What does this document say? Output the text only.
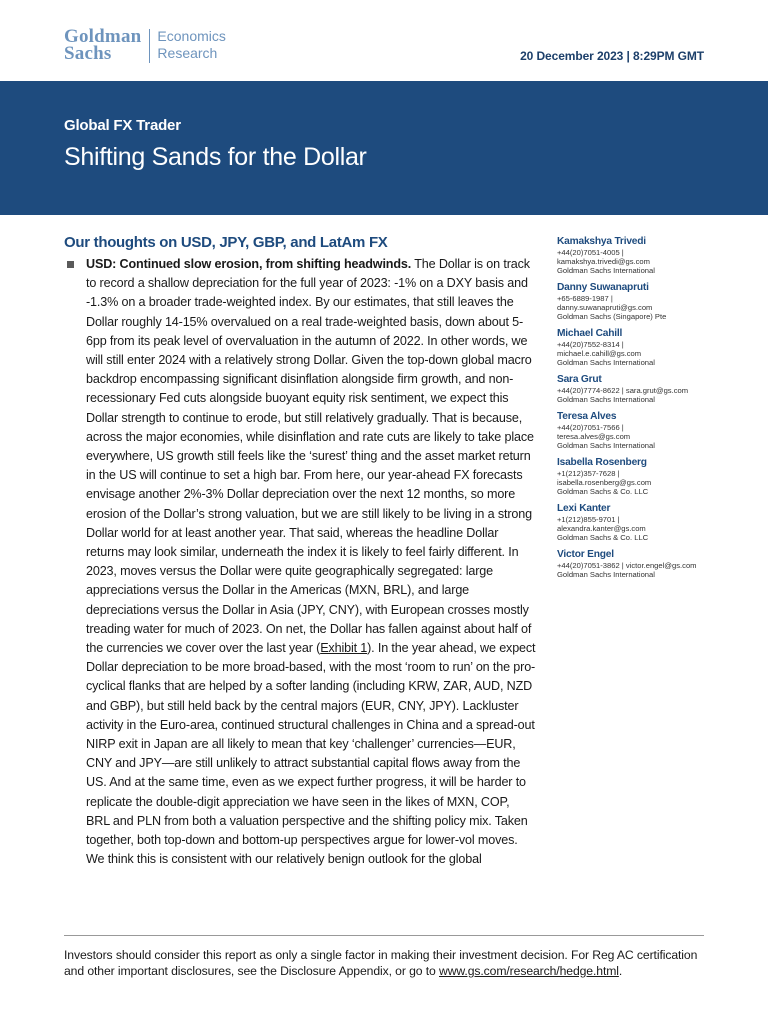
Goldman
Sachs
Economics
Research	20 December 2023 | 8:29PM GMT
Global FX Trader
Shifting Sands for the Dollar
Our thoughts on USD, JPY, GBP, and LatAm FX
USD: Continued slow erosion, from shifting headwinds. The Dollar is on track to record a shallow depreciation for the full year of 2023: -1% on a DXY basis and -1.3% on a broader trade-weighted index. By our estimates, that still leaves the Dollar roughly 14-15% overvalued on a real trade-weighted basis, down about 5-6pp from its peak level of overvaluation in the autumn of 2022. In other words, we will still enter 2024 with a relatively strong Dollar. Given the top-down global macro backdrop encompassing significant disinflation alongside firm growth, and non-recessionary Fed cuts alongside buoyant equity risk sentiment, we expect this Dollar strength to continue to erode, but still relatively gradually. That is because, across the major economies, while disinflation and rate cuts are likely to take place everywhere, US growth still feels like the ‘surest’ thing and the asset market return in the US will continue to set a high bar. From here, our year-ahead FX forecasts envisage another 2%-3% Dollar depreciation over the next 12 months, so more erosion of the Dollar’s strong valuation, but we are still likely to be living in a strong Dollar world for at least another year. That said, whereas the headline Dollar returns may look similar, underneath the index it is likely to feel fairly different. In 2023, moves versus the Dollar were quite geographically segregated: large appreciations versus the Dollar in the Americas (MXN, BRL), and large depreciations versus the Dollar in Asia (JPY, CNY), with European crosses mostly treading water for much of 2023. On net, the Dollar has fallen against about half of the currencies we cover over the last year (Exhibit 1). In the year ahead, we expect Dollar depreciation to be more broad-based, with the most ‘room to run’ on the pro-cyclical flanks that are helped by a softer landing (including KRW, ZAR, AUD, NZD and GBP), but still held back by the central majors (EUR, CNY, JPY). Lackluster activity in the Euro-area, continued structural challenges in China and a spread-out NIRP exit in Japan are all likely to mean that key ‘challenger’ currencies—EUR, CNY and JPY—are still unlikely to attract substantial capital flows away from the US. And at the same time, even as we expect further progress, it will be harder to replicate the double-digit appreciation we have seen in the likes of MXN, COP, BRL and PLN from both a valuation perspective and the shifting policy mix. Taken together, both top-down and bottom-up perspectives argue for lower-vol moves. We think this is consistent with our relatively benign outlook for the global
Kamakshya Trivedi
+44(20)7051-4005 |
kamakshya.trivedi@gs.com
Goldman Sachs International
Danny Suwanapruti
+65-6889-1987 |
danny.suwanapruti@gs.com
Goldman Sachs (Singapore) Pte
Michael Cahill
+44(20)7552-8314 |
michael.e.cahill@gs.com
Goldman Sachs International
Sara Grut
+44(20)7774-8622 | sara.grut@gs.com
Goldman Sachs International
Teresa Alves
+44(20)7051-7566 |
teresa.alves@gs.com
Goldman Sachs International
Isabella Rosenberg
+1(212)357-7628 |
isabella.rosenberg@gs.com
Goldman Sachs & Co. LLC
Lexi Kanter
+1(212)855-9701 |
alexandra.kanter@gs.com
Goldman Sachs & Co. LLC
Victor Engel
+44(20)7051-3862 | victor.engel@gs.com
Goldman Sachs International
Investors should consider this report as only a single factor in making their investment decision. For Reg AC certification and other important disclosures, see the Disclosure Appendix, or go to www.gs.com/research/hedge.html.
